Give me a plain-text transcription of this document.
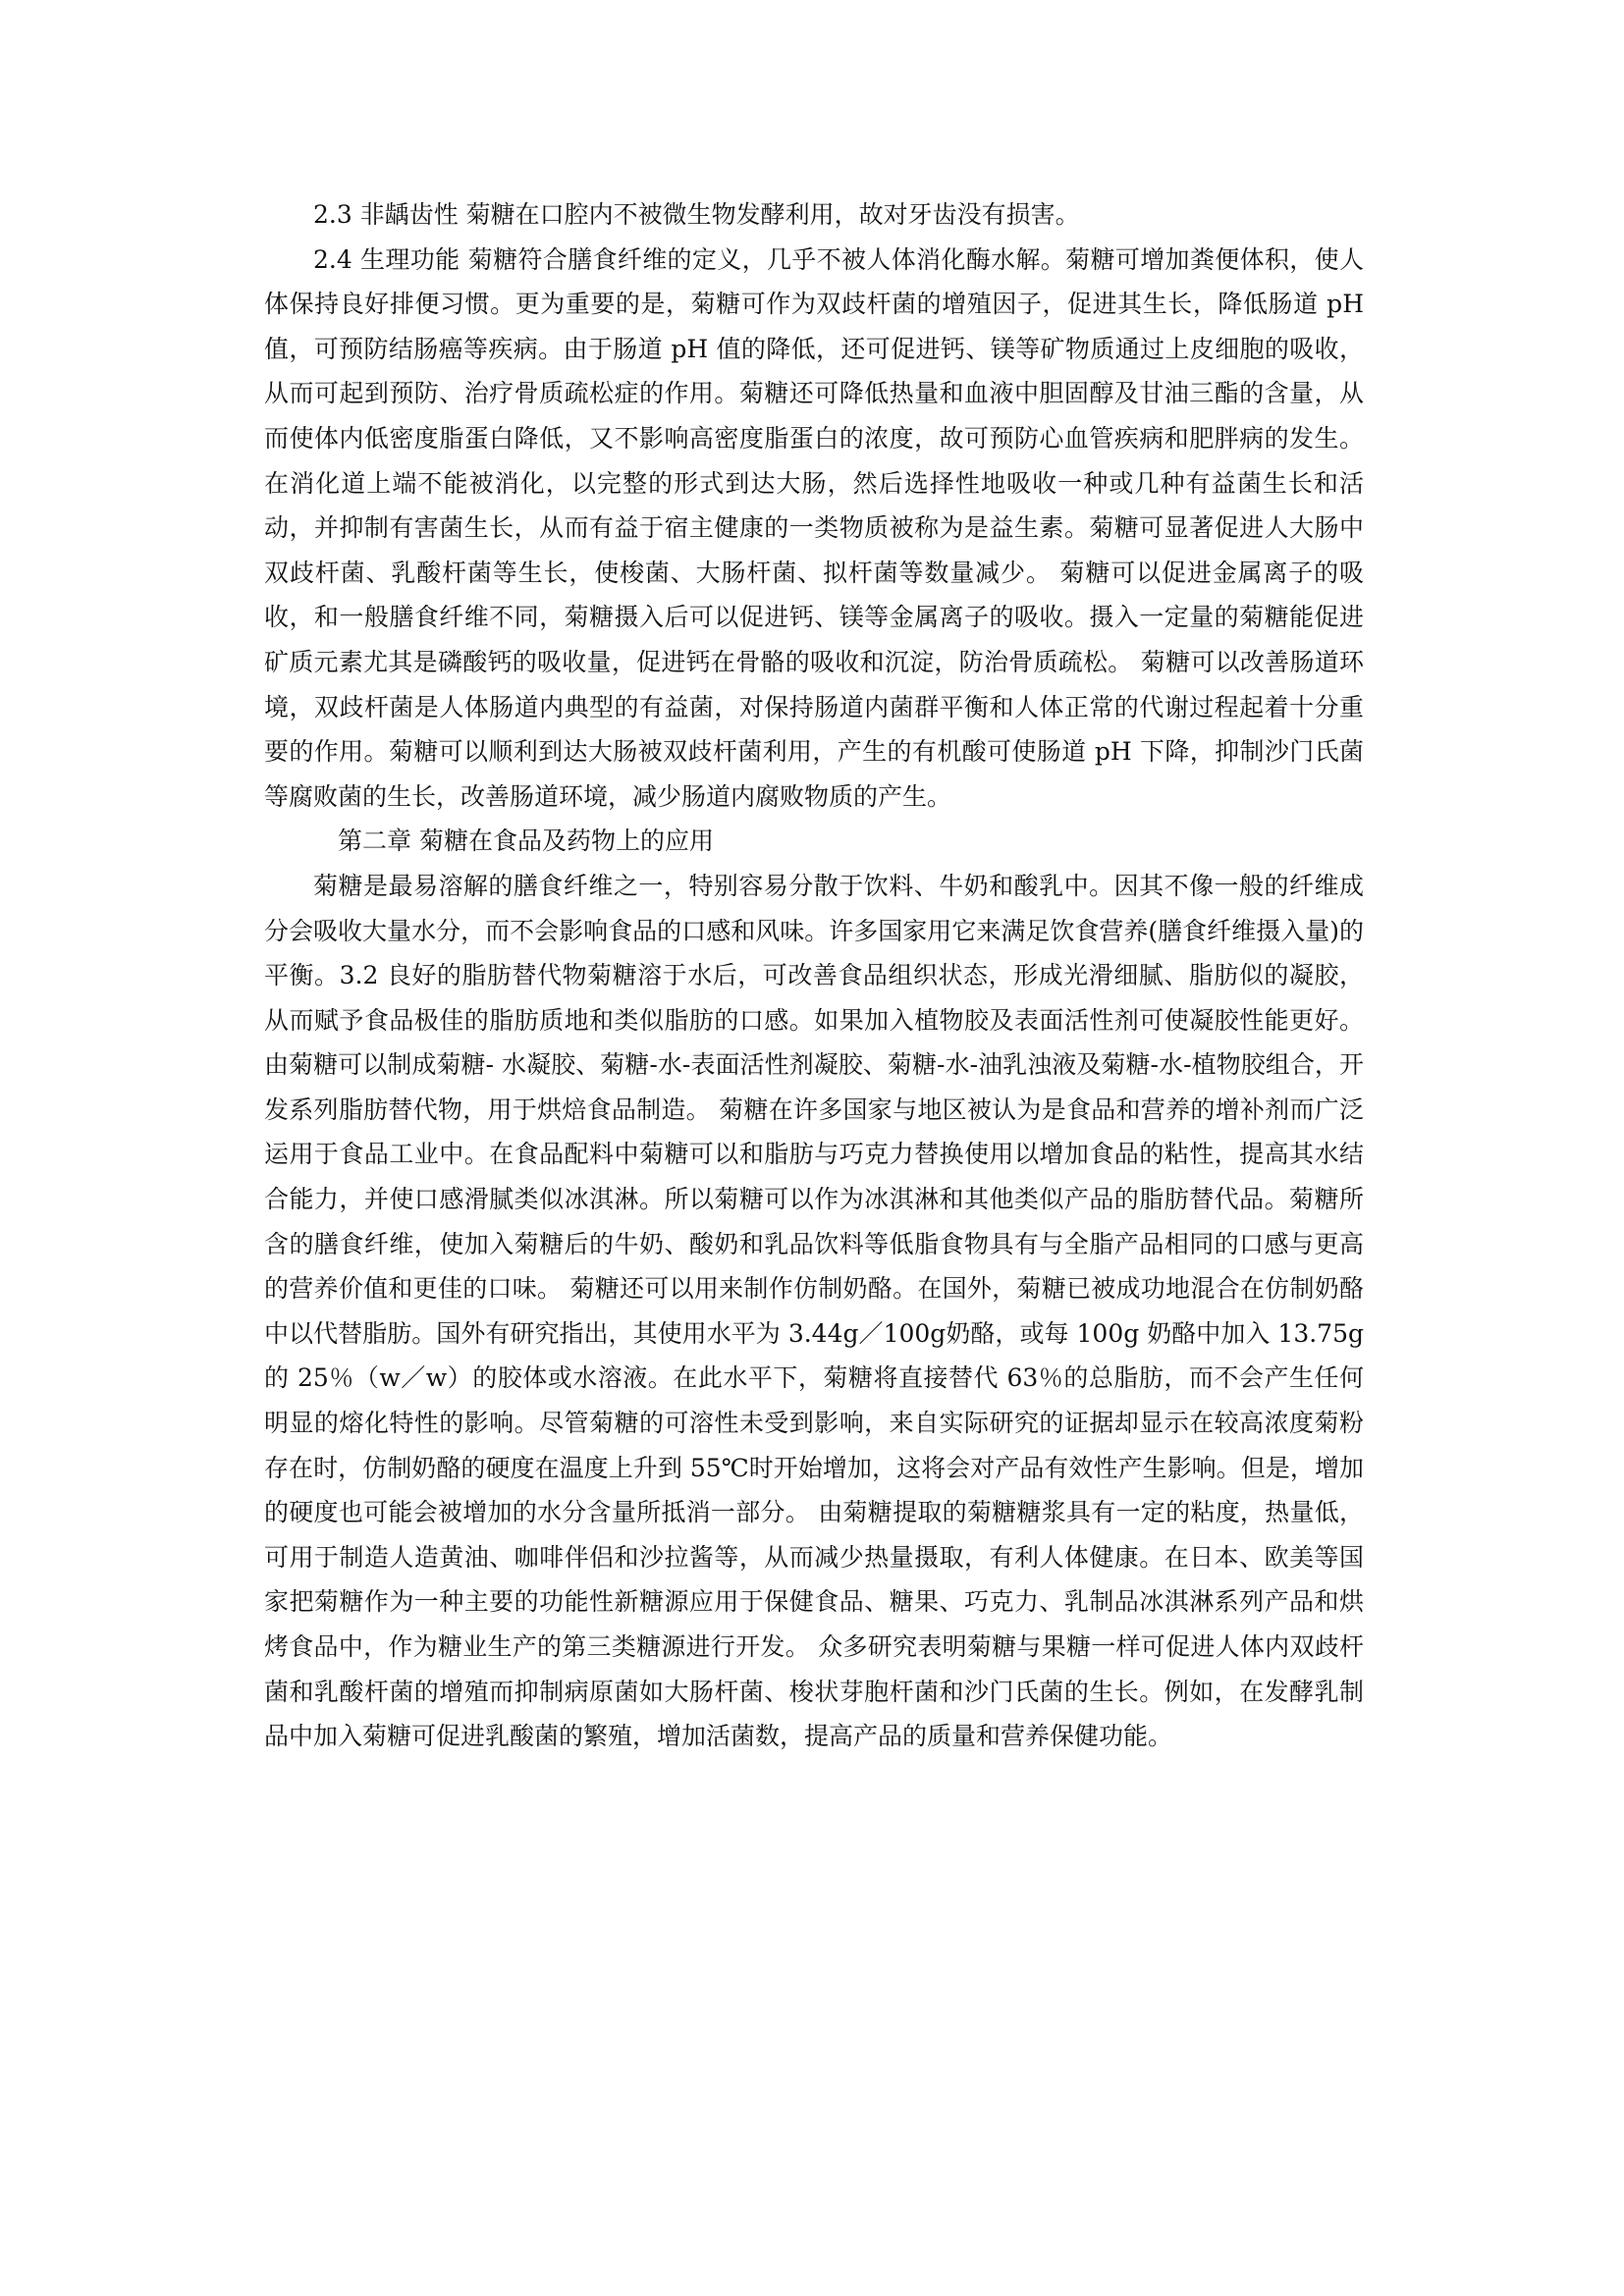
2.3 非龋齿性 菊糖在口腔内不被微生物发酵利用，故对牙齿没有损害。

2.4 生理功能 菊糖符合膳食纤维的定义，几乎不被人体消化酶水解。菊糖可增加粪便体积，使人体保持良好排便习惯。更为重要的是，菊糖可作为双歧杆菌的增殖因子，促进其生长，降低肠道 pH 值，可预防结肠癌等疾病。由于肠道 pH 值的降低，还可促进钙、镁等矿物质通过上皮细胞的吸收，从而可起到预防、治疗骨质疏松症的作用。菊糖还可降低热量和血液中胆固醇及甘油三酯的含量，从而使体内低密度脂蛋白降低，又不影响高密度脂蛋白的浓度，故可预防心血管疾病和肥胖病的发生。 在消化道上端不能被消化，以完整的形式到达大肠，然后选择性地吸收一种或几种有益菌生长和活动，并抑制有害菌生长，从而有益于宿主健康的一类物质被称为是益生素。菊糖可显著促进人大肠中双歧杆菌、乳酸杆菌等生长，使梭菌、大肠杆菌、拟杆菌等数量减少。 菊糖可以促进金属离子的吸收，和一般膳食纤维不同，菊糖摄入后可以促进钙、镁等金属离子的吸收。摄入一定量的菊糖能促进矿质元素尤其是磷酸钙的吸收量，促进钙在骨骼的吸收和沉淀，防治骨质疏松。 菊糖可以改善肠道环境，双歧杆菌是人体肠道内典型的有益菌，对保持肠道内菌群平衡和人体正常的代谢过程起着十分重要的作用。菊糖可以顺利到达大肠被双歧杆菌利用，产生的有机酸可使肠道 pH 下降，抑制沙门氏菌等腐败菌的生长，改善肠道环境，减少肠道内腐败物质的产生。

第二章 菊糖在食品及药物上的应用

菊糖是最易溶解的膳食纤维之一，特别容易分散于饮料、牛奶和酸乳中。因其不像一般的纤维成分会吸收大量水分，而不会影响食品的口感和风味。许多国家用它来满足饮食营养(膳食纤维摄入量)的平衡。3.2 良好的脂肪替代物菊糖溶于水后，可改善食品组织状态，形成光滑细腻、脂肪似的凝胶，从而赋予食品极佳的脂肪质地和类似脂肪的口感。如果加入植物胶及表面活性剂可使凝胶性能更好。由菊糖可以制成菊糖- 水凝胶、菊糖-水-表面活性剂凝胶、菊糖-水-油乳浊液及菊糖-水-植物胶组合，开发系列脂肪替代物，用于烘焙食品制造。 菊糖在许多国家与地区被认为是食品和营养的增补剂而广泛运用于食品工业中。在食品配料中菊糖可以和脂肪与巧克力替换使用以增加食品的粘性，提高其水结合能力，并使口感滑腻类似冰淇淋。所以菊糖可以作为冰淇淋和其他类似产品的脂肪替代品。菊糖所含的膳食纤维，使加入菊糖后的牛奶、酸奶和乳品饮料等低脂食物具有与全脂产品相同的口感与更高的营养价值和更佳的口味。 菊糖还可以用来制作仿制奶酪。在国外，菊糖已被成功地混合在仿制奶酪中以代替脂肪。国外有研究指出，其使用水平为 3.44g／100g奶酪，或每 100g 奶酪中加入 13.75g 的 25％（w／w）的胶体或水溶液。在此水平下，菊糖将直接替代 63％的总脂肪，而不会产生任何明显的熔化特性的影响。尽管菊糖的可溶性未受到影响，来自实际研究的证据却显示在较高浓度菊粉存在时，仿制奶酪的硬度在温度上升到 55℃时开始增加，这将会对产品有效性产生影响。但是，增加的硬度也可能会被增加的水分含量所抵消一部分。 由菊糖提取的菊糖糖浆具有一定的粘度，热量低，可用于制造人造黄油、咖啡伴侣和沙拉酱等，从而减少热量摄取，有利人体健康。在日本、欧美等国家把菊糖作为一种主要的功能性新糖源应用于保健食品、糖果、巧克力、乳制品冰淇淋系列产品和烘烤食品中，作为糖业生产的第三类糖源进行开发。 众多研究表明菊糖与果糖一样可促进人体内双歧杆菌和乳酸杆菌的增殖而抑制病原菌如大肠杆菌、梭状芽胞杆菌和沙门氏菌的生长。例如，在发酵乳制品中加入菊糖可促进乳酸菌的繁殖，增加活菌数，提高产品的质量和营养保健功能。
